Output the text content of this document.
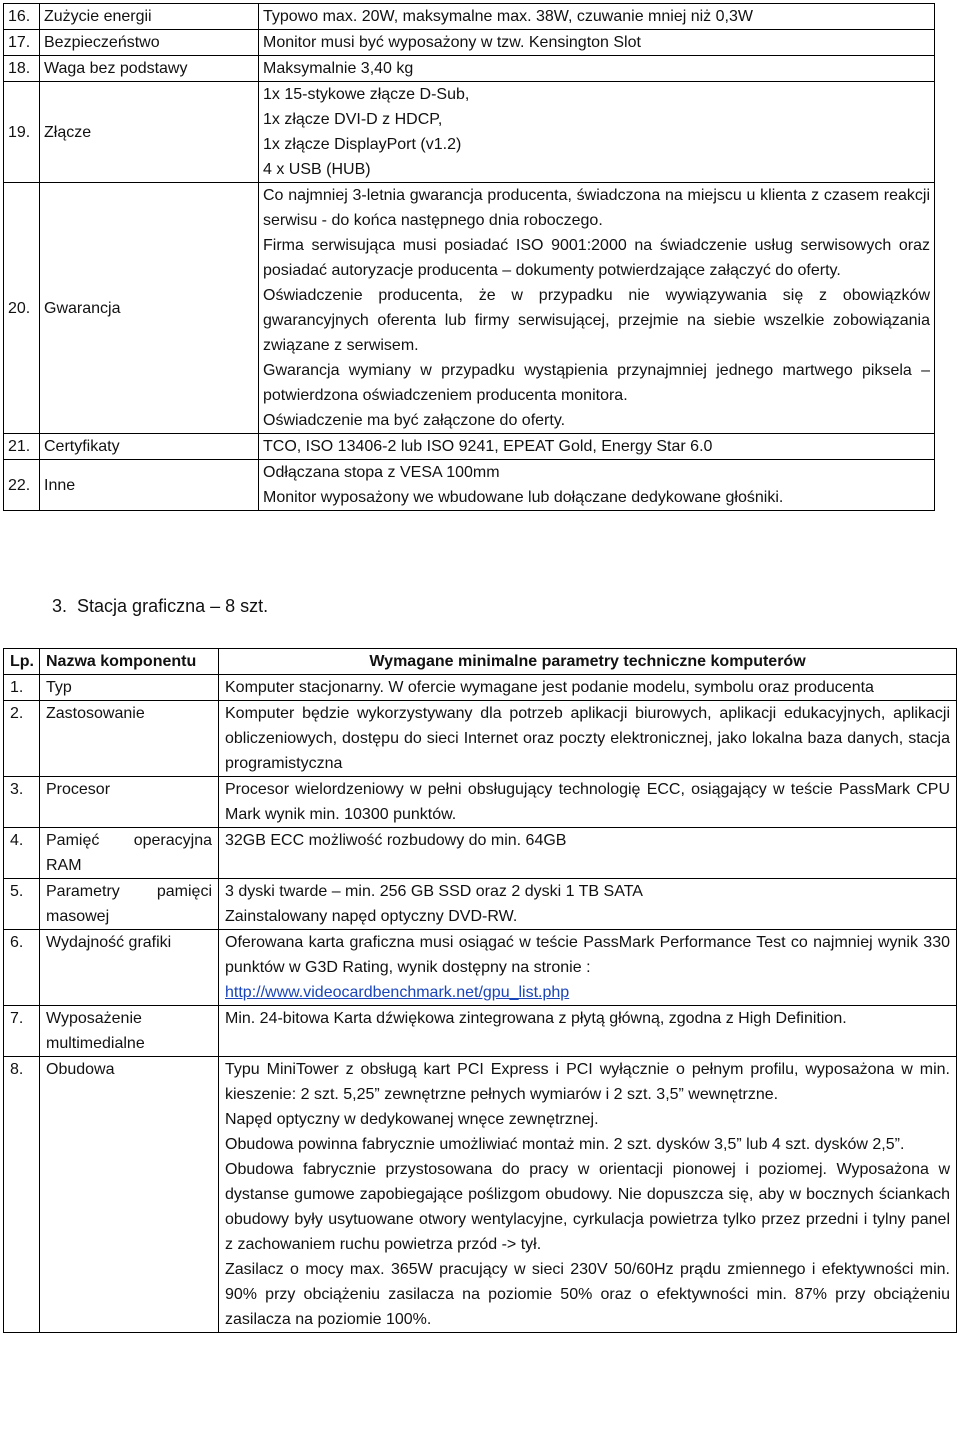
16.	Zużycie energii	Typowo max. 20W, maksymalne max. 38W, czuwanie mniej niż 0,3W
17.	Bezpieczeństwo	Monitor musi być wyposażony w tzw. Kensington Slot
18.	Waga bez podstawy	Maksymalnie 3,40 kg
19.	Złącze	1x 15-stykowe złącze D-Sub,
1x złącze DVI-D z HDCP,
1x złącze DisplayPort (v1.2)
4 x USB (HUB)

20.	Gwarancja	Co najmniej 3-letnia gwarancja producenta, świadczona na miejscu u klienta z czasem reakcji serwisu - do końca następnego dnia roboczego.
Firma serwisująca musi posiadać ISO 9001:2000 na świadczenie usług serwisowych oraz posiadać autoryzacje producenta – dokumenty potwierdzające załączyć do oferty.
Oświadczenie producenta, że w przypadku nie wywiązywania się z obowiązków gwarancyjnych oferenta lub firmy serwisującej, przejmie na siebie wszelkie zobowiązania związane z serwisem.
Gwarancja wymiany w przypadku wystąpienia przynajmniej jednego martwego piksela – potwierdzona oświadczeniem producenta monitora.
Oświadczenie ma być załączone do oferty.

21.	Certyfikaty	TCO, ISO 13406-2 lub ISO 9241, EPEAT Gold, Energy Star 6.0
22.	Inne	Odłączana stopa z VESA 100mm
Monitor wyposażony we wbudowane lub dołączane dedykowane głośniki.
3. Stacja graficzna – 8 szt.
Lp.	Nazwa komponentu	Wymagane minimalne parametry techniczne komputerów
1.	Typ	Komputer stacjonarny. W ofercie wymagane jest podanie modelu, symbolu oraz producenta
2.	Zastosowanie	Komputer będzie wykorzystywany dla potrzeb aplikacji biurowych, aplikacji edukacyjnych, aplikacji obliczeniowych, dostępu do sieci Internet oraz poczty elektronicznej, jako lokalna baza danych, stacja programistyczna
3.	Procesor	Procesor wielordzeniowy w pełni obsługujący technologię ECC, osiągający w teście PassMark CPU Mark wynik min. 10300 punktów.
4.	Pamięć operacyjna RAM	32GB ECC możliwość rozbudowy do min. 64GB
5.	Parametry pamięci masowej	3 dyski twarde – min. 256 GB SSD oraz 2 dyski 1 TB SATA
Zainstalowany napęd optyczny DVD-RW.

6.	Wydajność grafiki	Oferowana karta graficzna musi osiągać w teście PassMark Performance Test co najmniej wynik 330 punktów w G3D Rating, wynik dostępny na stronie :
http://www.videocardbenchmark.net/gpu_list.php

7.	Wyposażenie multimedialne	Min. 24-bitowa Karta dźwiękowa zintegrowana z płytą główną, zgodna z High Definition.
8.	Obudowa	Typu MiniTower z obsługą kart PCI Express i PCI wyłącznie o pełnym profilu, wyposażona w min. kieszenie: 2 szt. 5,25” zewnętrzne pełnych wymiarów i 2 szt. 3,5” wewnętrzne.
Napęd optyczny w dedykowanej wnęce zewnętrznej.
Obudowa powinna fabrycznie umożliwiać montaż min. 2 szt. dysków 3,5” lub 4 szt. dysków 2,5”.
Obudowa fabrycznie przystosowana do pracy w orientacji pionowej i poziomej. Wyposażona w dystanse gumowe zapobiegające poślizgom obudowy. Nie dopuszcza się, aby w bocznych ściankach obudowy były usytuowane otwory wentylacyjne, cyrkulacja powietrza tylko przez przedni i tylny panel z zachowaniem ruchu powietrza przód -> tył.
Zasilacz o mocy max. 365W pracujący w sieci 230V 50/60Hz prądu zmiennego i efektywności min. 90% przy obciążeniu zasilacza na poziomie 50% oraz o efektywności min. 87% przy obciążeniu zasilacza na poziomie 100%.
